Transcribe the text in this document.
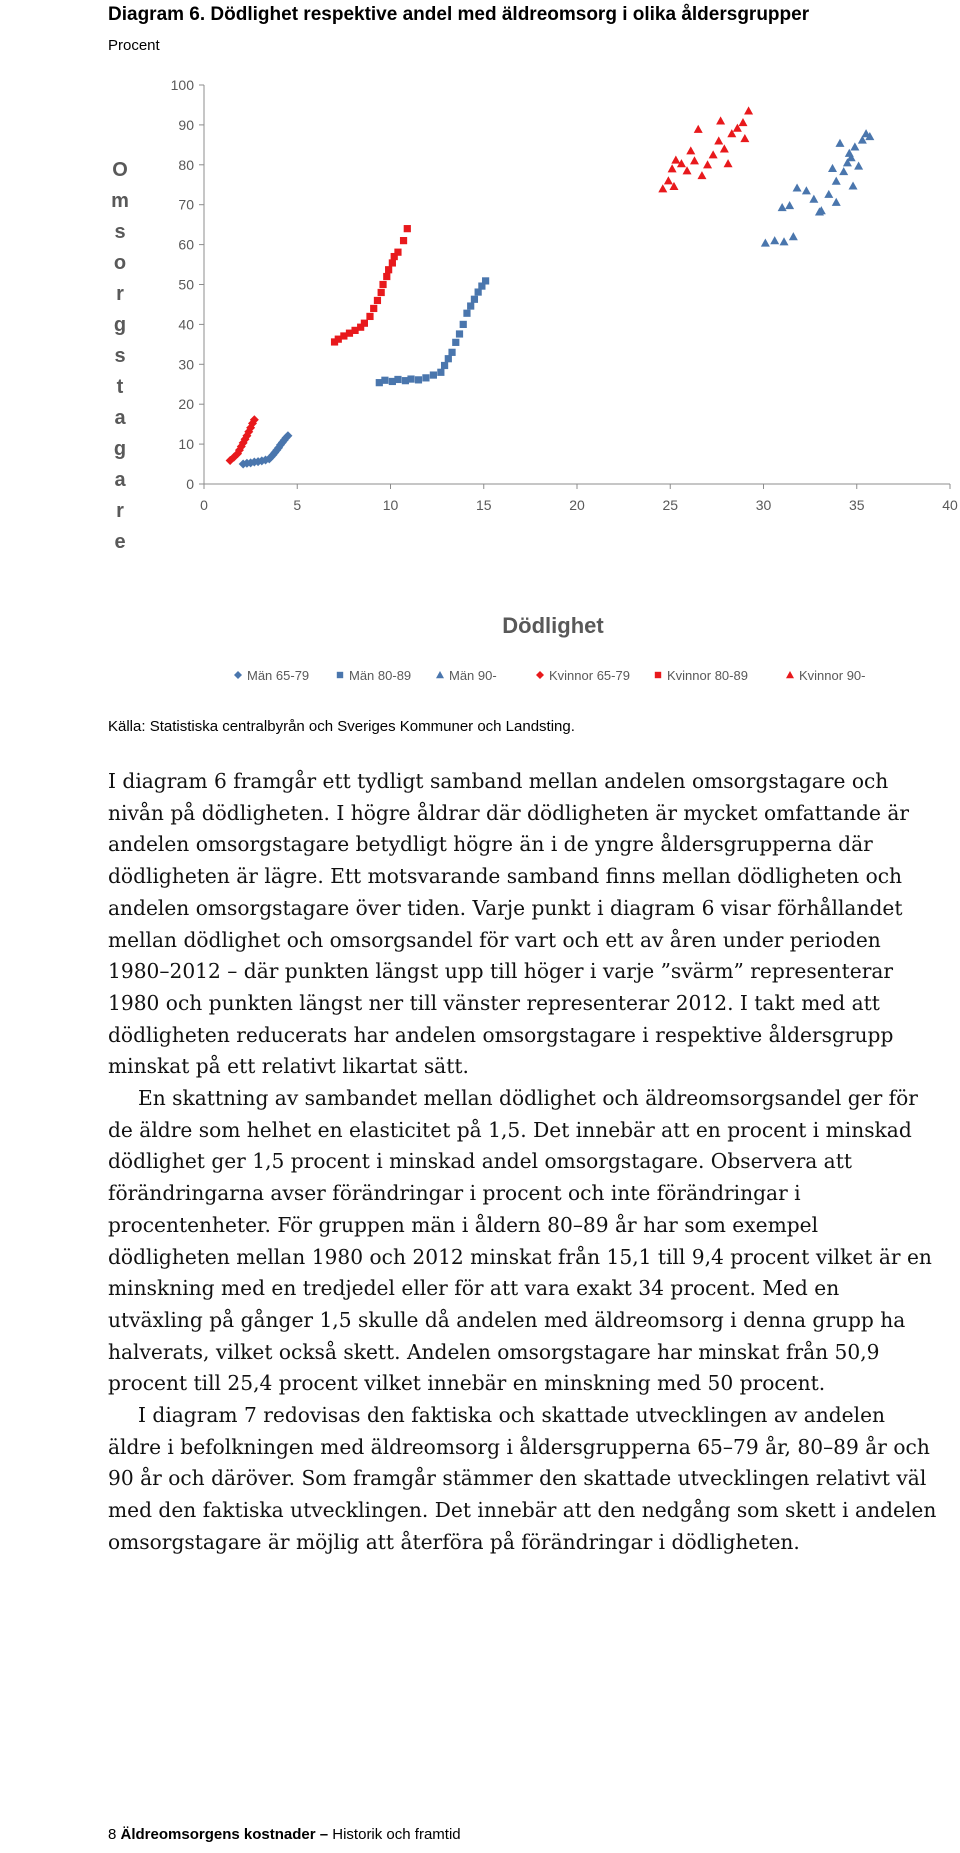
Diagram 6. Dödlighet respektive andel med äldreomsorg i olika åldersgrupper
Procent
0
10
20
30
40
50
60
70
80
90
100
0	5	10	15	20	25	30	35	40
O
m
s
o
r
g
s
t
a
g
a
r
e
Dödlighet
Män 65-79	Män 80-89	Män 90-	Kvinnor 65-79	Kvinnor 80-89	Kvinnor 90-
Källa: Statistiska centralbyrån och Sveriges Kommuner och Landsting.

I diagram 6 framgår ett tydligt samband mellan andelen omsorgstagare och nivån på dödligheten. I högre åldrar där dödligheten är mycket omfattande är andelen omsorgstagare betydligt högre än i de yngre åldersgrupperna där dödligheten är lägre. Ett motsvarande samband finns mellan dödligheten och andelen omsorgstagare över tiden. Varje punkt i diagram 6 visar förhållandet mellan dödlighet och omsorgsandel för vart och ett av åren under perioden 1980–2012 – där punkten längst upp till höger i varje ”svärm” representerar 1980 och punkten längst ner till vänster representerar 2012. I takt med att dödligheten reducerats har andelen omsorgstagare i respektive åldersgrupp minskat på ett relativt likartat sätt.

En skattning av sambandet mellan dödlighet och äldreomsorgsandel ger för de äldre som helhet en elasticitet på 1,5. Det innebär att en procent i minskad dödlighet ger 1,5 procent i minskad andel omsorgstagare. Observera att förändringarna avser förändringar i procent och inte förändringar i procentenheter. För gruppen män i åldern 80–89 år har som exempel dödligheten mellan 1980 och 2012 minskat från 15,1 till 9,4 procent vilket är en minskning med en tredjedel eller för att vara exakt 34 procent. Med en utväxling på gånger 1,5 skulle då andelen med äldreomsorg i denna grupp ha halverats, vilket också skett. Andelen omsorgstagare har minskat från 50,9 procent till 25,4 procent vilket innebär en minskning med 50 procent.

I diagram 7 redovisas den faktiska och skattade utvecklingen av andelen äldre i befolkningen med äldreomsorg i åldersgrupperna 65–79 år, 80–89 år och 90 år och däröver. Som framgår stämmer den skattade utvecklingen relativt väl med den faktiska utvecklingen. Det innebär att den nedgång som skett i andelen omsorgstagare är möjlig att återföra på förändringar i dödligheten.

8 Äldreomsorgens kostnader – Historik och framtid
